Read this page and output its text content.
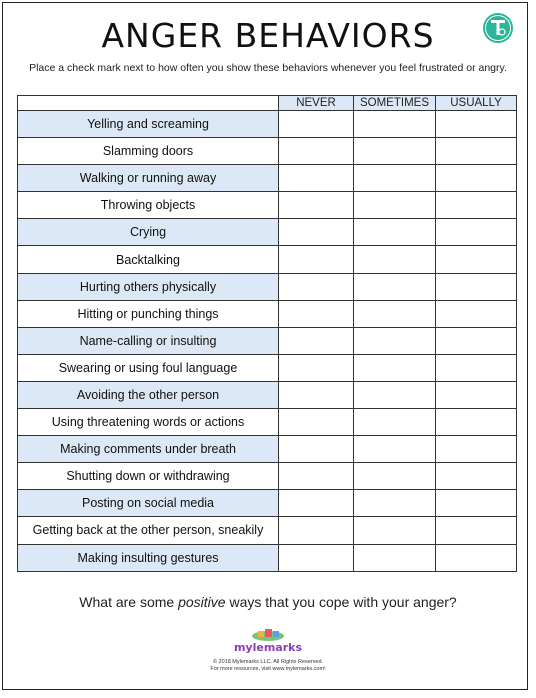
ANGER BEHAVIORS
Place a check mark next to how often you show these behaviors whenever you feel frustrated or angry.
	NEVER	SOMETIMES	USUALLY
Yelling and screaming			
Slamming doors			
Walking or running away			
Throwing objects			
Crying			
Backtalking			
Hurting others physically			
Hitting or punching things			
Name-calling or insulting			
Swearing or using foul language			
Avoiding the other person			
Using threatening words or actions			
Making comments under breath			
Shutting down or withdrawing			
Posting on social media			
Getting back at the other person, sneakily			
Making insulting gestures			
What are some positive ways that you cope with your anger?
mylemarks
© 2018 Mylemarks LLC. All Rights Reserved.
For more resources, visit www.mylemarks.com!
